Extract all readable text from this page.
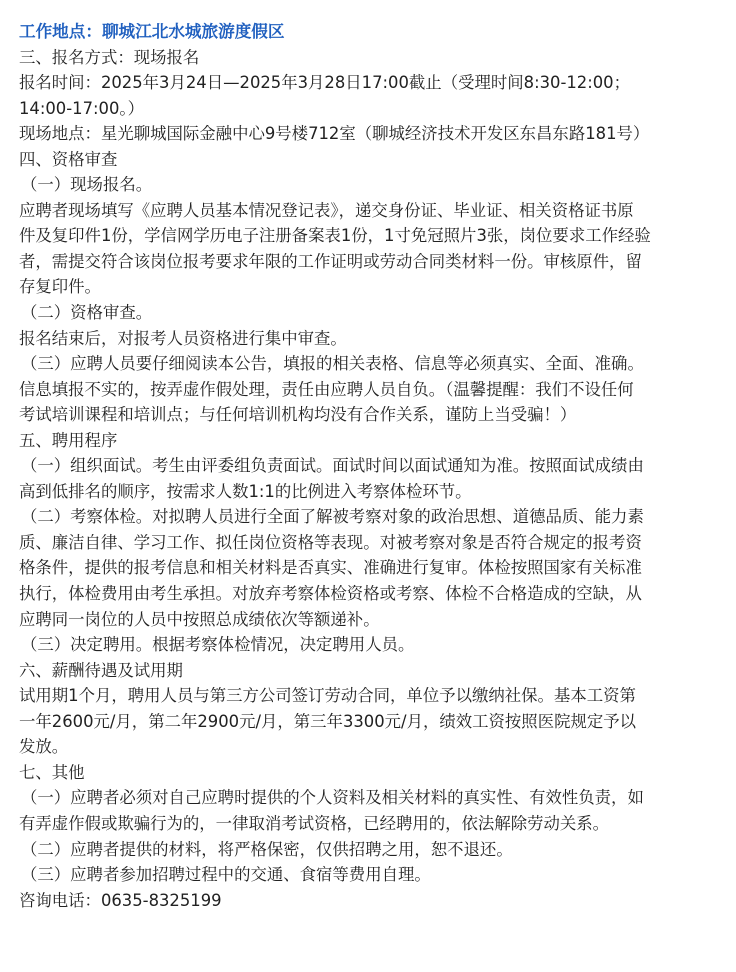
工作地点：聊城江北水城旅游度假区
三、报名方式：现场报名
报名时间：2025年3月24日—2025年3月28日17:00截止（受理时间8:30-12:00；
14:00-17:00。）
现场地点：星光聊城国际金融中心9号楼712室（聊城经济技术开发区东昌东路181号）
四、资格审查
（一）现场报名。
应聘者现场填写《应聘人员基本情况登记表》，递交身份证、毕业证、相关资格证书原
件及复印件1份，学信网学历电子注册备案表1份，1寸免冠照片3张，岗位要求工作经验
者，需提交符合该岗位报考要求年限的工作证明或劳动合同类材料一份。审核原件，留
存复印件。
（二）资格审查。
报名结束后，对报考人员资格进行集中审查。
（三）应聘人员要仔细阅读本公告，填报的相关表格、信息等必须真实、全面、准确。
信息填报不实的，按弄虚作假处理，责任由应聘人员自负。（温馨提醒：我们不设任何
考试培训课程和培训点；与任何培训机构均没有合作关系，谨防上当受骗！）
五、聘用程序
（一）组织面试。考生由评委组负责面试。面试时间以面试通知为准。按照面试成绩由
高到低排名的顺序，按需求人数1:1的比例进入考察体检环节。
（二）考察体检。对拟聘人员进行全面了解被考察对象的政治思想、道德品质、能力素
质、廉洁自律、学习工作、拟任岗位资格等表现。对被考察对象是否符合规定的报考资
格条件，提供的报考信息和相关材料是否真实、准确进行复审。体检按照国家有关标准
执行，体检费用由考生承担。对放弃考察体检资格或考察、体检不合格造成的空缺，从
应聘同一岗位的人员中按照总成绩依次等额递补。
（三）决定聘用。根据考察体检情况，决定聘用人员。
六、薪酬待遇及试用期
试用期1个月，聘用人员与第三方公司签订劳动合同，单位予以缴纳社保。基本工资第
一年2600元/月，第二年2900元/月，第三年3300元/月，绩效工资按照医院规定予以
发放。
七、其他
（一）应聘者必须对自己应聘时提供的个人资料及相关材料的真实性、有效性负责，如
有弄虚作假或欺骗行为的，一律取消考试资格，已经聘用的，依法解除劳动关系。
（二）应聘者提供的材料，将严格保密，仅供招聘之用，恕不退还。
（三）应聘者参加招聘过程中的交通、食宿等费用自理。
咨询电话：0635-8325199
